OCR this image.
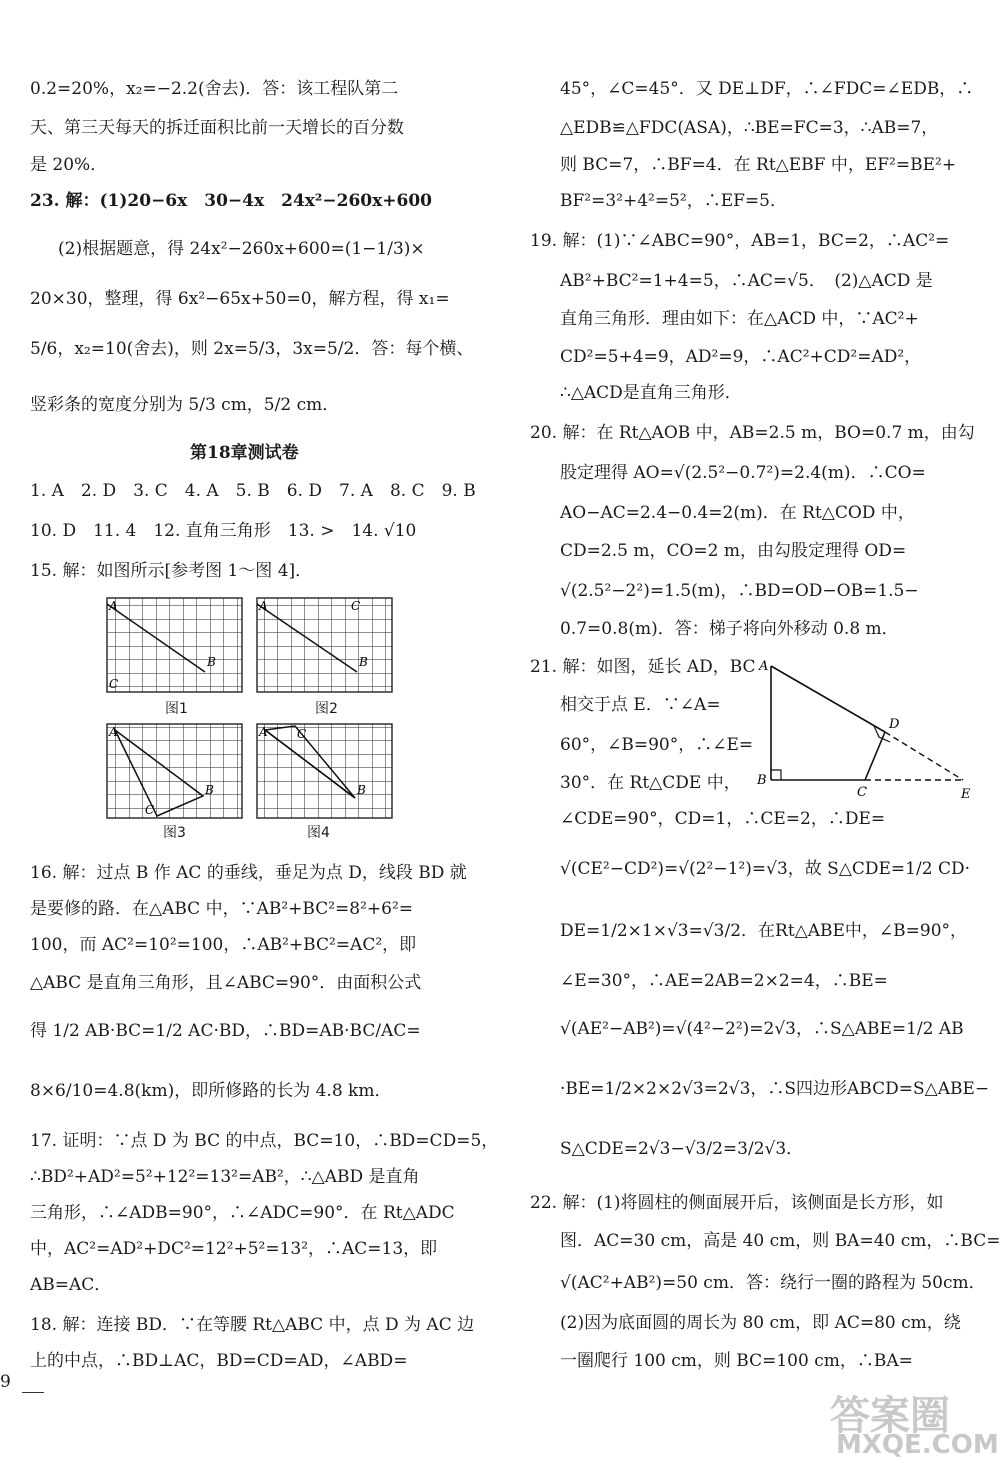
0.2=20%，x₂=−2.2(舍去)．答：该工程队第二
天、第三天每天的拆迁面积比前一天增长的百分数
是 20%．
23. 解：(1)20−6x　30−4x　24x²−260x+600
(2)根据题意，得 24x²−260x+600=(1−1/3)×
20×30，整理，得 6x²−65x+50=0，解方程，得 x₁=
5/6，x₂=10(舍去)，则 2x=5/3，3x=5/2．答：每个横、
竖彩条的宽度分别为 5/3 cm，5/2 cm．
第18章测试卷
1. A　2. D　3. C　4. A　5. B　6. D　7. A　8. C　9. B
10. D　11. 4　12. 直角三角形　13. >　14. √10
15. 解：如图所示[参考图 1～图 4]．
16. 解：过点 B 作 AC 的垂线，垂足为点 D，线段 BD 就
是要修的路．在△ABC 中，∵AB²+BC²=8²+6²=
100，而 AC²=10²=100，∴AB²+BC²=AC²，即
△ABC 是直角三角形，且∠ABC=90°．由面积公式
得 1/2 AB·BC=1/2 AC·BD，∴BD=AB·BC/AC=
8×6/10=4.8(km)，即所修路的长为 4.8 km．
17. 证明：∵点 D 为 BC 的中点，BC=10，∴BD=CD=5，
∴BD²+AD²=5²+12²=13²=AB²，∴△ABD 是直角
三角形，∴∠ADB=90°，∴∠ADC=90°．在 Rt△ADC
中，AC²=AD²+DC²=12²+5²=13²，∴AC=13，即
AB=AC．
18. 解：连接 BD．∵在等腰 Rt△ABC 中，点 D 为 AC 边
上的中点，∴BD⊥AC，BD=CD=AD，∠ABD=
A
B
C
A
B
C
A
B
C
A
B
C
图1	图2
图3	图4
45°，∠C=45°．又 DE⊥DF，∴∠FDC=∠EDB，∴
△EDB≌△FDC(ASA)，∴BE=FC=3，∴AB=7，
则 BC=7，∴BF=4．在 Rt△EBF 中，EF²=BE²+
BF²=3²+4²=5²，∴EF=5．
19. 解：(1)∵∠ABC=90°，AB=1，BC=2，∴AC²=
AB²+BC²=1+4=5，∴AC=√5．　(2)△ACD 是
直角三角形．理由如下：在△ACD 中，∵AC²+
CD²=5+4=9，AD²=9，∴AC²+CD²=AD²，
∴△ACD是直角三角形．
20. 解：在 Rt△AOB 中，AB=2.5 m，BO=0.7 m，由勾
股定理得 AO=√(2.5²−0.7²)=2.4(m)．∴CO=
AO−AC=2.4−0.4=2(m)．在 Rt△COD 中，
CD=2.5 m，CO=2 m，由勾股定理得 OD=
√(2.5²−2²)=1.5(m)，∴BD=OD−OB=1.5−
0.7=0.8(m)．答：梯子将向外移动 0.8 m．
21. 解：如图，延长 AD，BC
相交于点 E．∵∠A=
60°，∠B=90°，∴∠E=
30°．在 Rt△CDE 中，
∠CDE=90°，CD=1，∴CE=2，∴DE=
√(CE²−CD²)=√(2²−1²)=√3，故 S△CDE=1/2 CD·
DE=1/2×1×√3=√3/2．在Rt△ABE中，∠B=90°，
∠E=30°，∴AE=2AB=2×2=4，∴BE=
√(AE²−AB²)=√(4²−2²)=2√3，∴S△ABE=1/2 AB
·BE=1/2×2×2√3=2√3，∴S四边形ABCD=S△ABE−
S△CDE=2√3−√3/2=3/2√3．
22. 解：(1)将圆柱的侧面展开后，该侧面是长方形，如
图．AC=30 cm，高是 40 cm，则 BA=40 cm，∴BC=
√(AC²+AB²)=50 cm．答：绕行一圈的路程为 50cm．
(2)因为底面圆的周长为 80 cm，即 AC=80 cm，绕
一圈爬行 100 cm，则 BC=100 cm，∴BA=
A
B
C
D
E
9
答案圈
MXQE.COM
